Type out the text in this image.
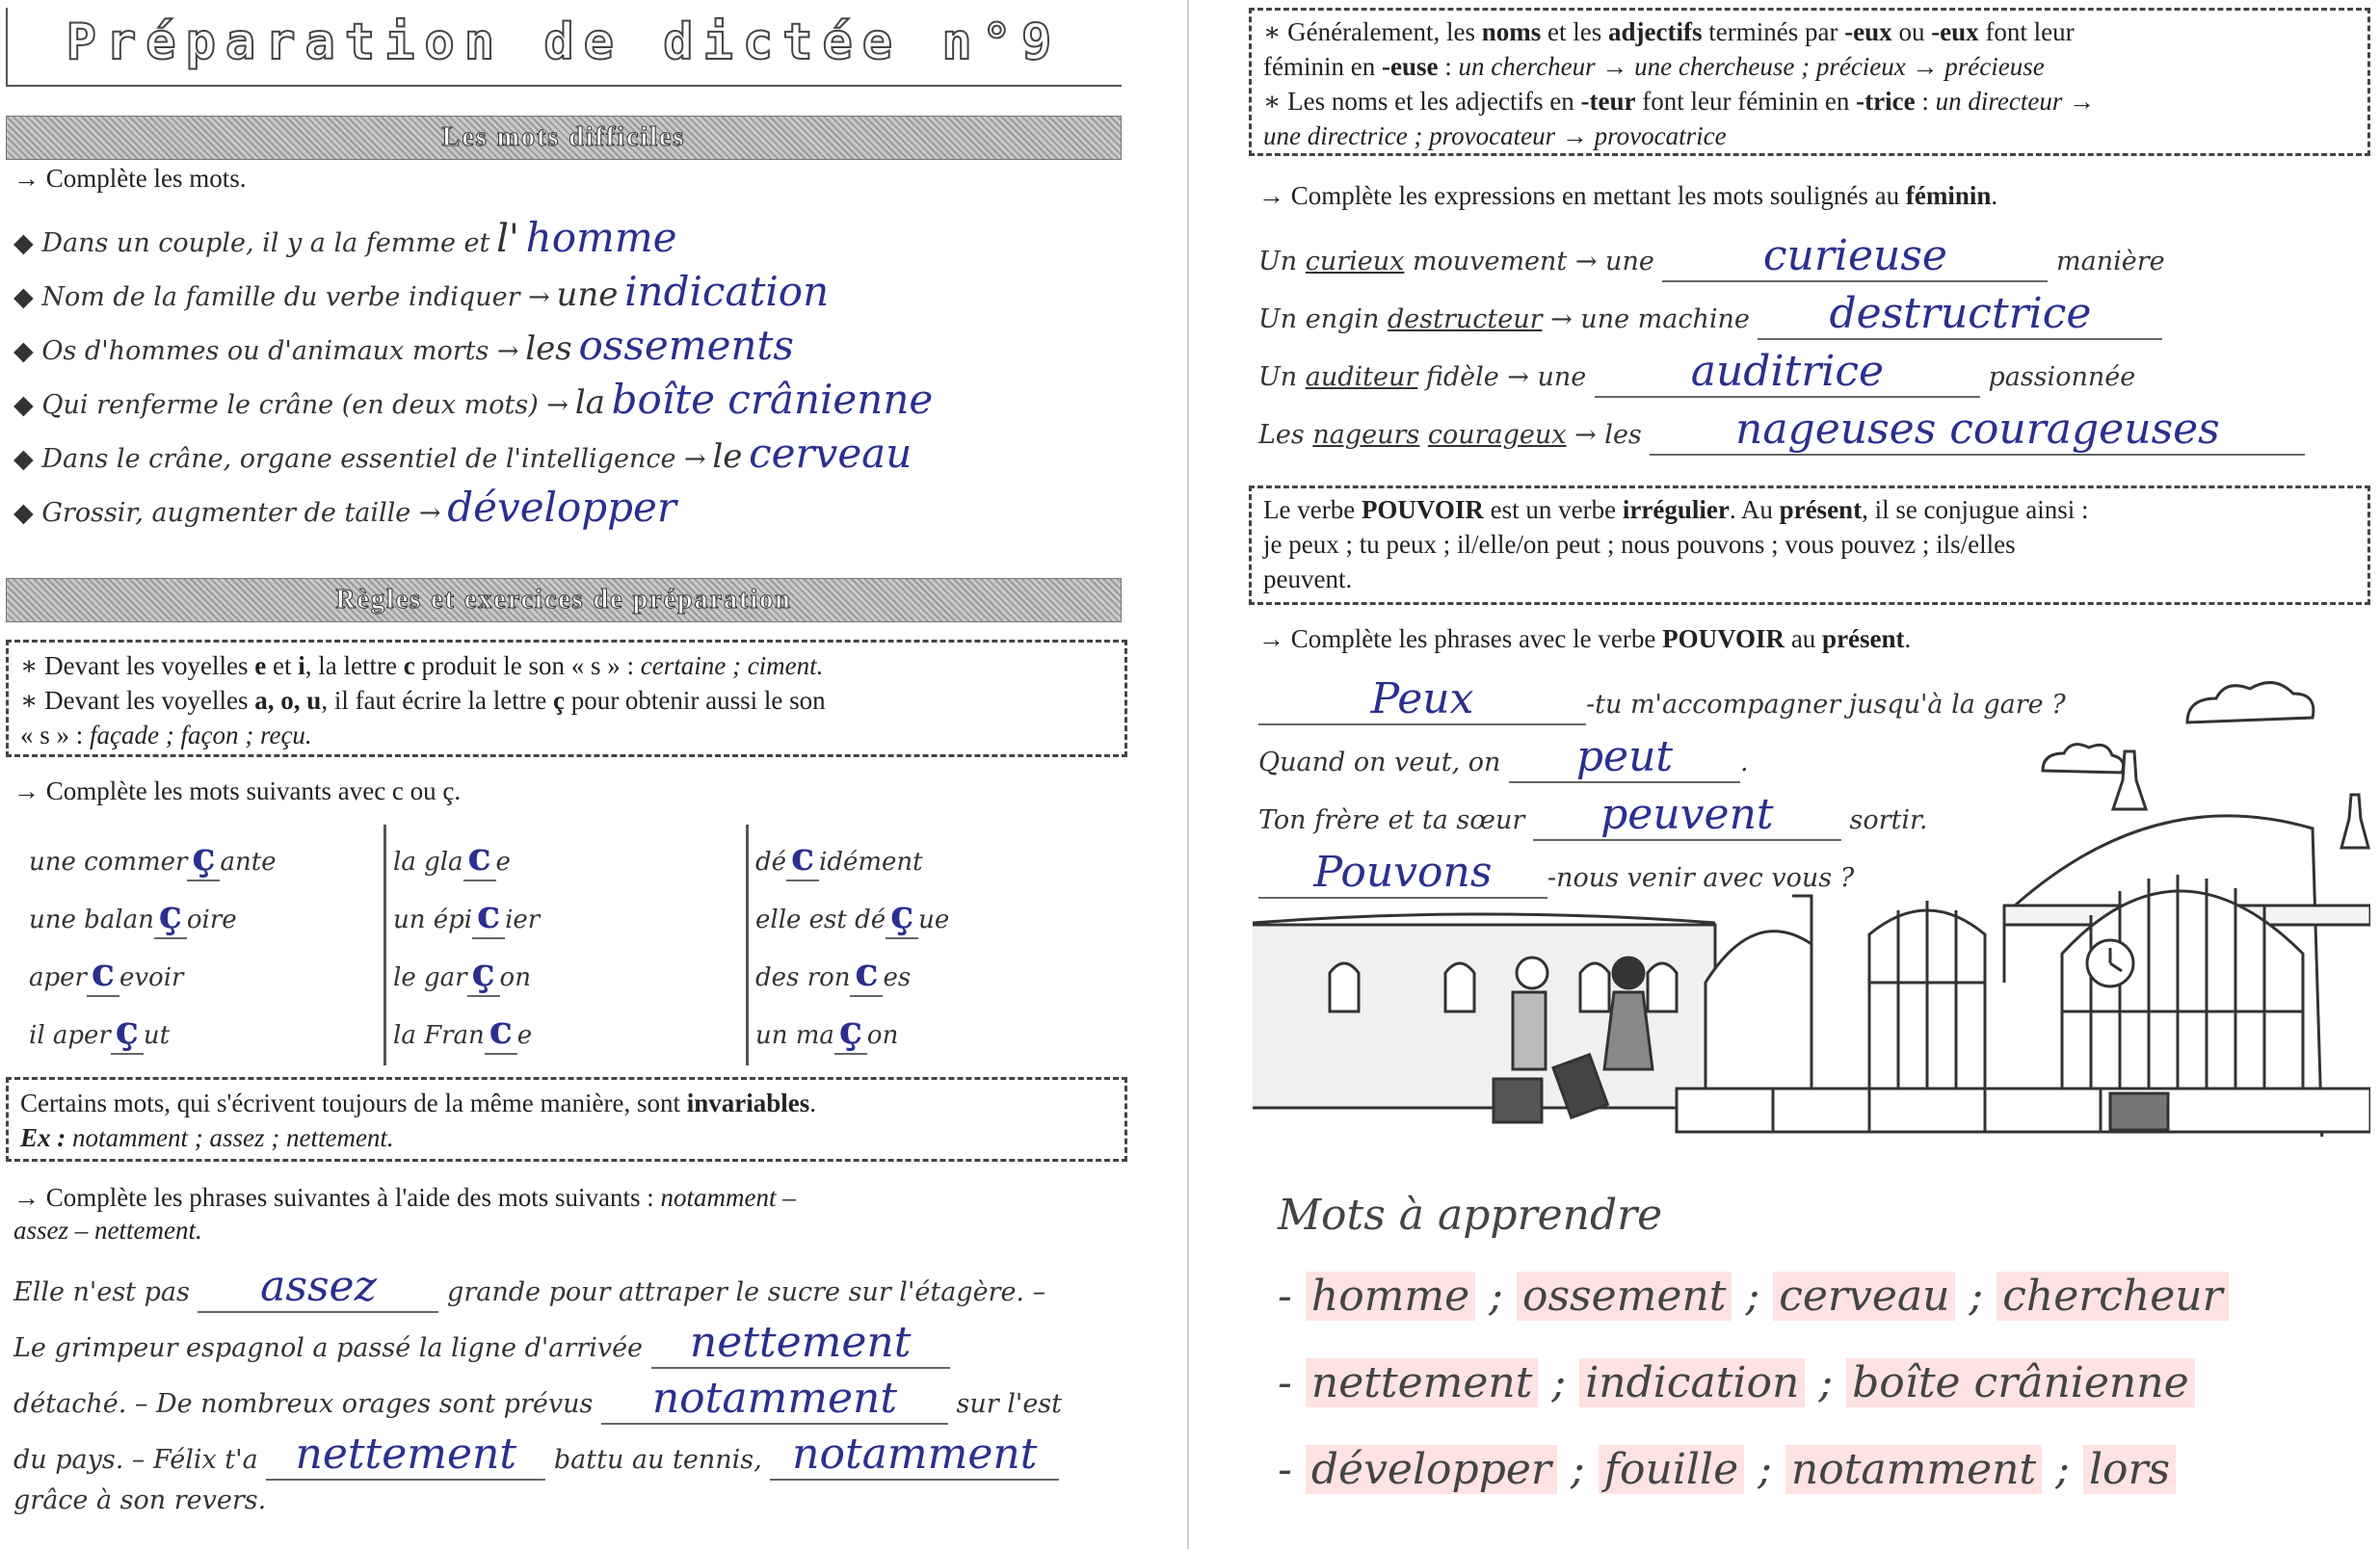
Préparation de dictée n°9
Les mots difficiles
→ Complète les mots.
◆ Dans un couple, il y a la femme et l' homme
◆ Nom de la famille du verbe indiquer → une indication
◆ Os d'hommes ou d'animaux morts → les ossements
◆ Qui renferme le crâne (en deux mots) → la boîte crânienne
◆ Dans le crâne, organe essentiel de l'intelligence → le cerveau
◆ Grossir, augmenter de taille → développer
Règles et exercices de préparation
∗ Devant les voyelles e et i, la lettre c produit le son « s » : certaine ; ciment.
∗ Devant les voyelles a, o, u, il faut écrire la lettre ç pour obtenir aussi le son
« s » : façade ; façon ; reçu.
→ Complète les mots suivants avec c ou ç.
une commer ç ante
une balan ç oire
aper c evoir
il aper ç ut
la gla c e
un épi c ier
le gar ç on
la Fran c e
dé c idément
elle est dé ç ue
des ron c es
un ma ç on
Certains mots, qui s'écrivent toujours de la même manière, sont invariables.
Ex : notamment ; assez ; nettement.
→ Complète les phrases suivantes à l'aide des mots suivants : notamment –
assez – nettement.
Elle n'est pas assez	grande pour attraper le sucre sur l'étagère. –
Le grimpeur espagnol a passé la ligne d'arrivée nettement
détaché. – De nombreux orages sont prévus notamment sur l'est
du pays. – Félix t'a nettement battu au tennis, notamment
grâce à son revers.
∗ Généralement, les noms et les adjectifs terminés par -eux ou -eux font leur
féminin en -euse : un chercheur → une chercheuse ; précieux → précieuse
∗ Les noms et les adjectifs en -teur font leur féminin en -trice : un directeur →
une directrice ; provocateur → provocatrice
→ Complète les expressions en mettant les mots soulignés au féminin.
Un curieux mouvement → une	curieuse	manière
Un engin destructeur → une machine destructrice
Un auditeur fidèle → une auditrice	passionnée
Les nageurs courageux → les nageuses courageuses
Le verbe POUVOIR est un verbe irrégulier. Au présent, il se conjugue ainsi :
je peux ; tu peux ; il/elle/on peut ; nous pouvons ; vous pouvez ; ils/elles
peuvent.
→ Complète les phrases avec le verbe POUVOIR au présent.
Peux	-tu m'accompagner jusqu'à la gare ?
Quand on veut, on peut	.
Ton frère et ta sœur peuvent	sortir.
Pouvons -nous venir avec vous ?
Mots à apprendre
- homme ; ossement ; cerveau ; chercheur
- nettement ; indication ; boîte crânienne
- développer ; fouille ; notamment ; lors
